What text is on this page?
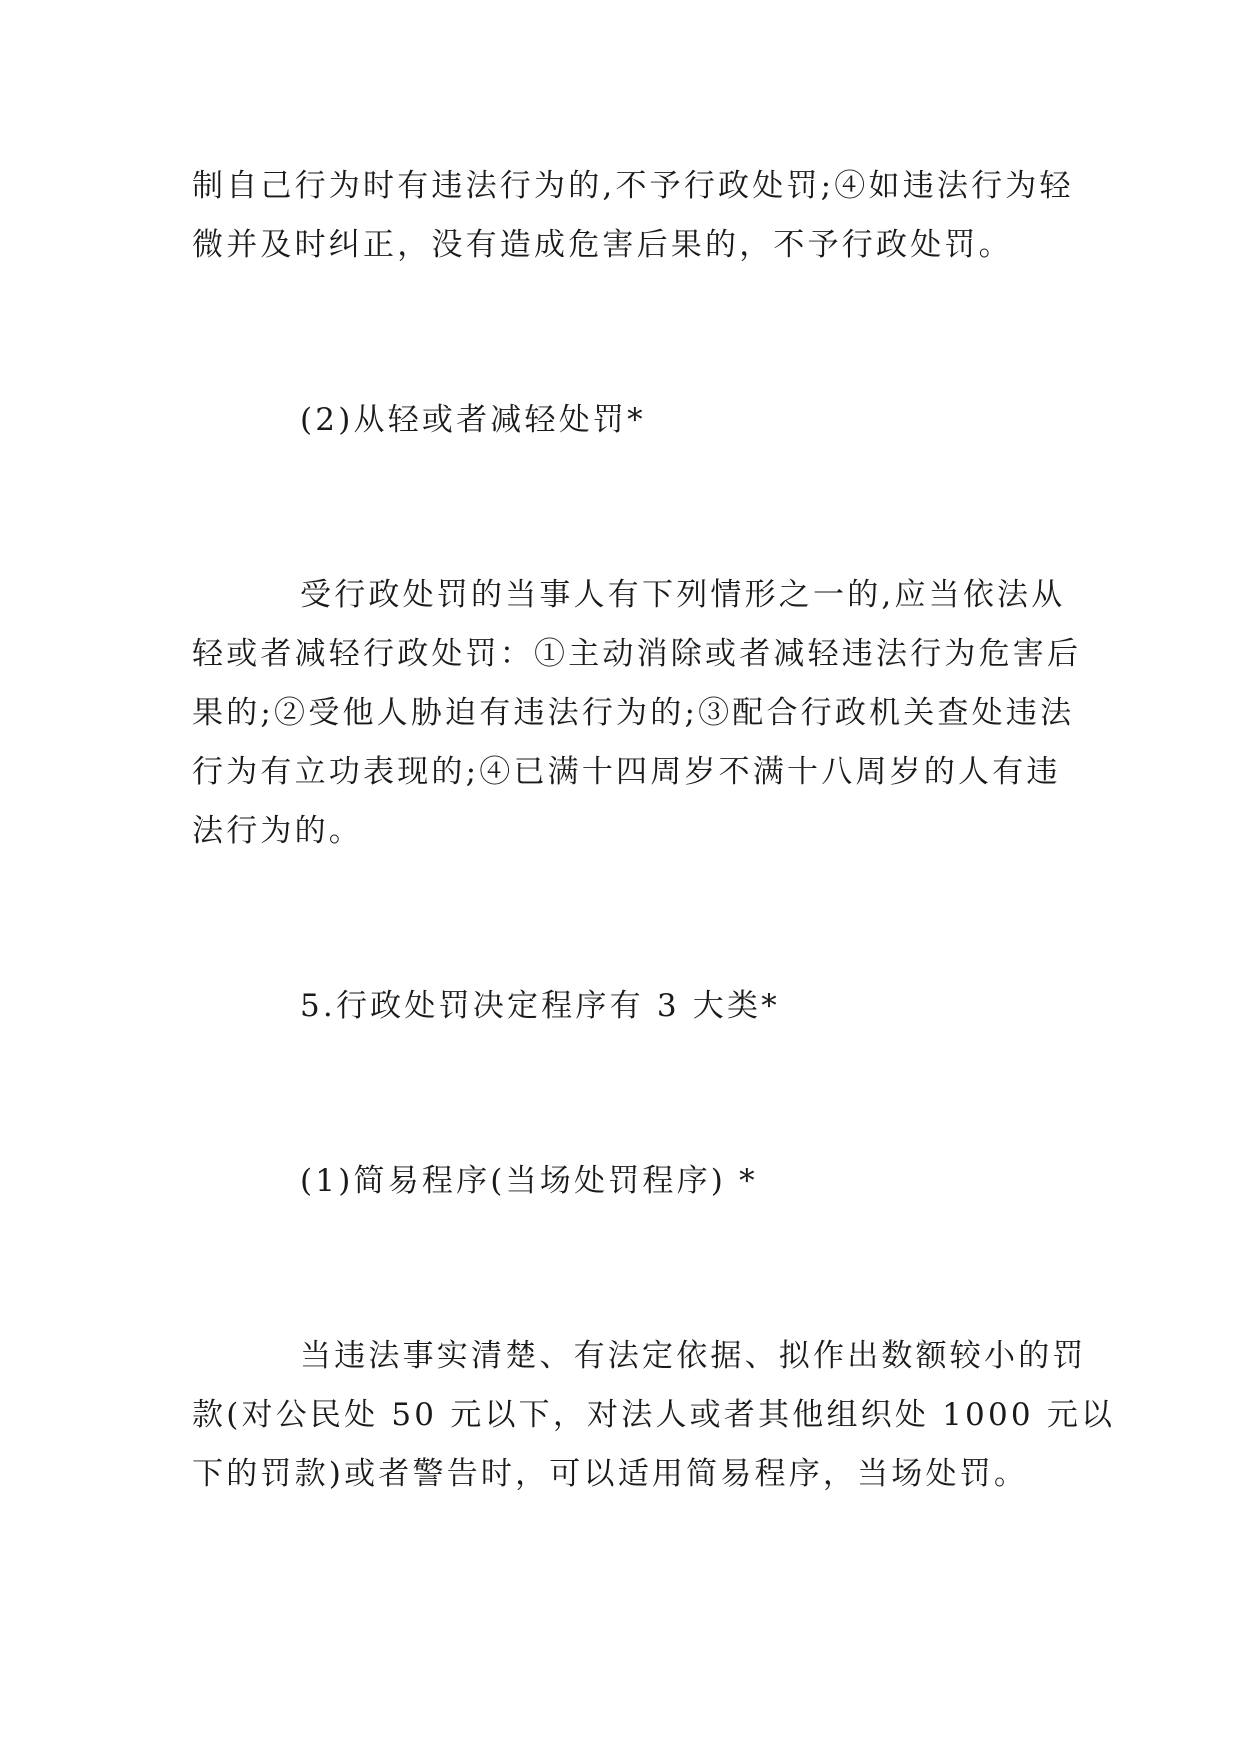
制自己行为时有违法行为的,不予行政处罚;④如违法行为轻
微并及时纠正，没有造成危害后果的，不予行政处罚。
(2)从轻或者减轻处罚*
受行政处罚的当事人有下列情形之一的,应当依法从
轻或者减轻行政处罚：①主动消除或者减轻违法行为危害后
果的;②受他人胁迫有违法行为的;③配合行政机关查处违法
行为有立功表现的;④已满十四周岁不满十八周岁的人有违
法行为的。
5.行政处罚决定程序有 3 大类*
(1)简易程序(当场处罚程序) *
当违法事实清楚、有法定依据、拟作出数额较小的罚
款(对公民处 50 元以下，对法人或者其他组织处 1000 元以
下的罚款)或者警告时，可以适用简易程序，当场处罚。
